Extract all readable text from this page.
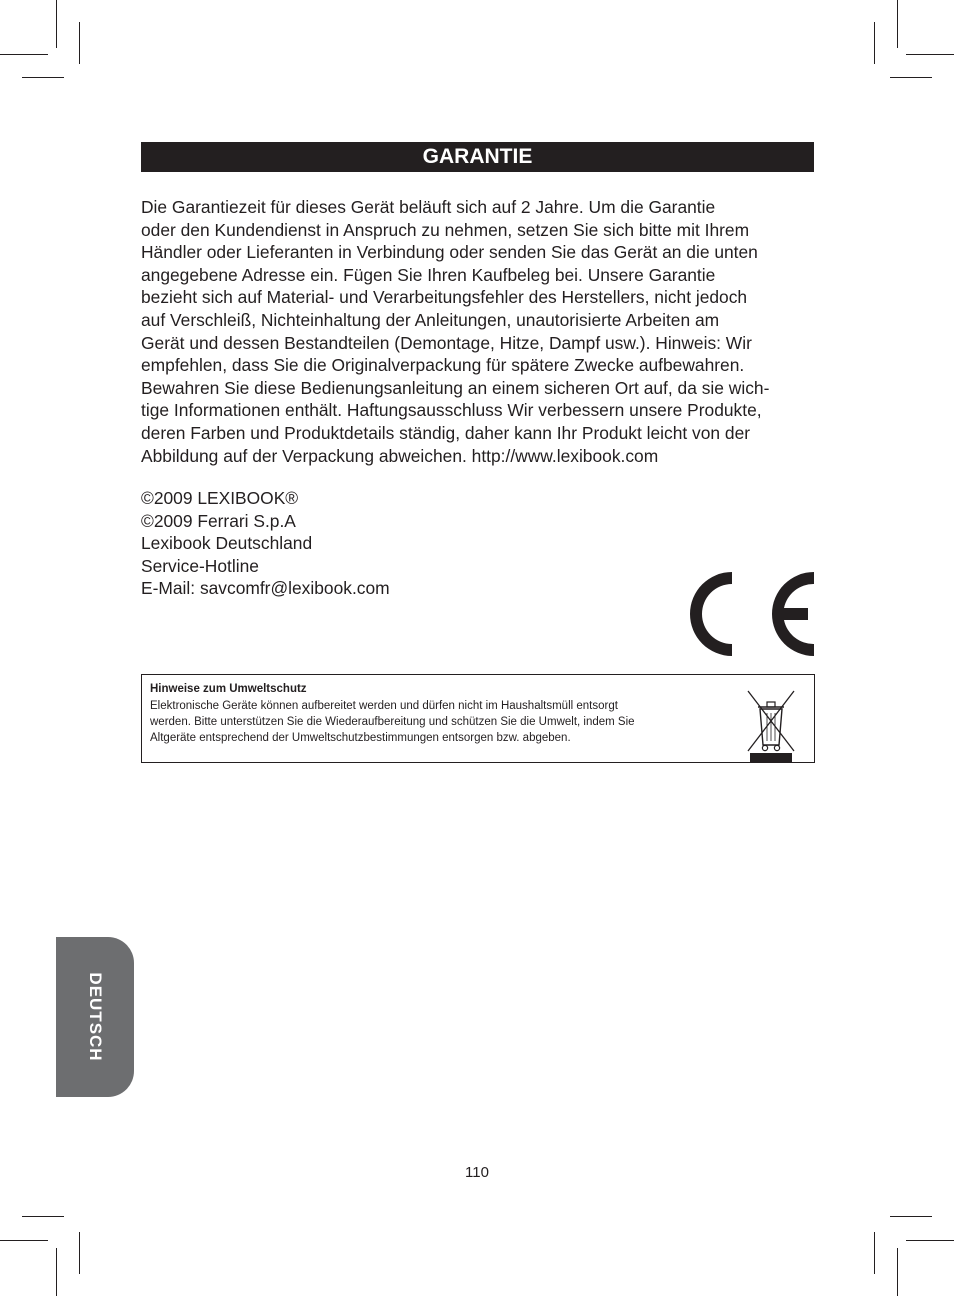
GARANTIE

Die Garantiezeit für dieses Gerät beläuft sich auf 2 Jahre. Um die Garantie
oder den Kundendienst in Anspruch zu nehmen, setzen Sie sich bitte mit Ihrem
Händler oder Lieferanten in Verbindung oder senden Sie das Gerät an die unten
angegebene Adresse ein. Fügen Sie Ihren Kaufbeleg bei. Unsere Garantie
bezieht sich auf Material- und Verarbeitungsfehler des Herstellers, nicht jedoch
auf Verschleiß, Nichteinhaltung der Anleitungen, unautorisierte Arbeiten am
Gerät und dessen Bestandteilen (Demontage, Hitze, Dampf usw.). Hinweis: Wir
empfehlen, dass Sie die Originalverpackung für spätere Zwecke aufbewahren.
Bewahren Sie diese Bedienungsanleitung an einem sicheren Ort auf, da sie wich-
tige Informationen enthält. Haftungsausschluss Wir verbessern unsere Produkte,
deren Farben und Produktdetails ständig, daher kann Ihr Produkt leicht von der
Abbildung auf der Verpackung abweichen. http://www.lexibook.com

©2009 LEXIBOOK®
©2009 Ferrari S.p.A
Lexibook Deutschland
Service-Hotline
E-Mail: savcomfr@lexibook.com

Hinweise zum Umweltschutz
Elektronische Geräte können aufbereitet werden und dürfen nicht im Haushaltsmüll entsorgt
werden. Bitte unterstützen Sie die Wiederaufbereitung und schützen Sie die Umwelt, indem Sie
Altgeräte entsprechend der Umweltschutzbestimmungen entsorgen bzw. abgeben.
DEUTSCH
110
